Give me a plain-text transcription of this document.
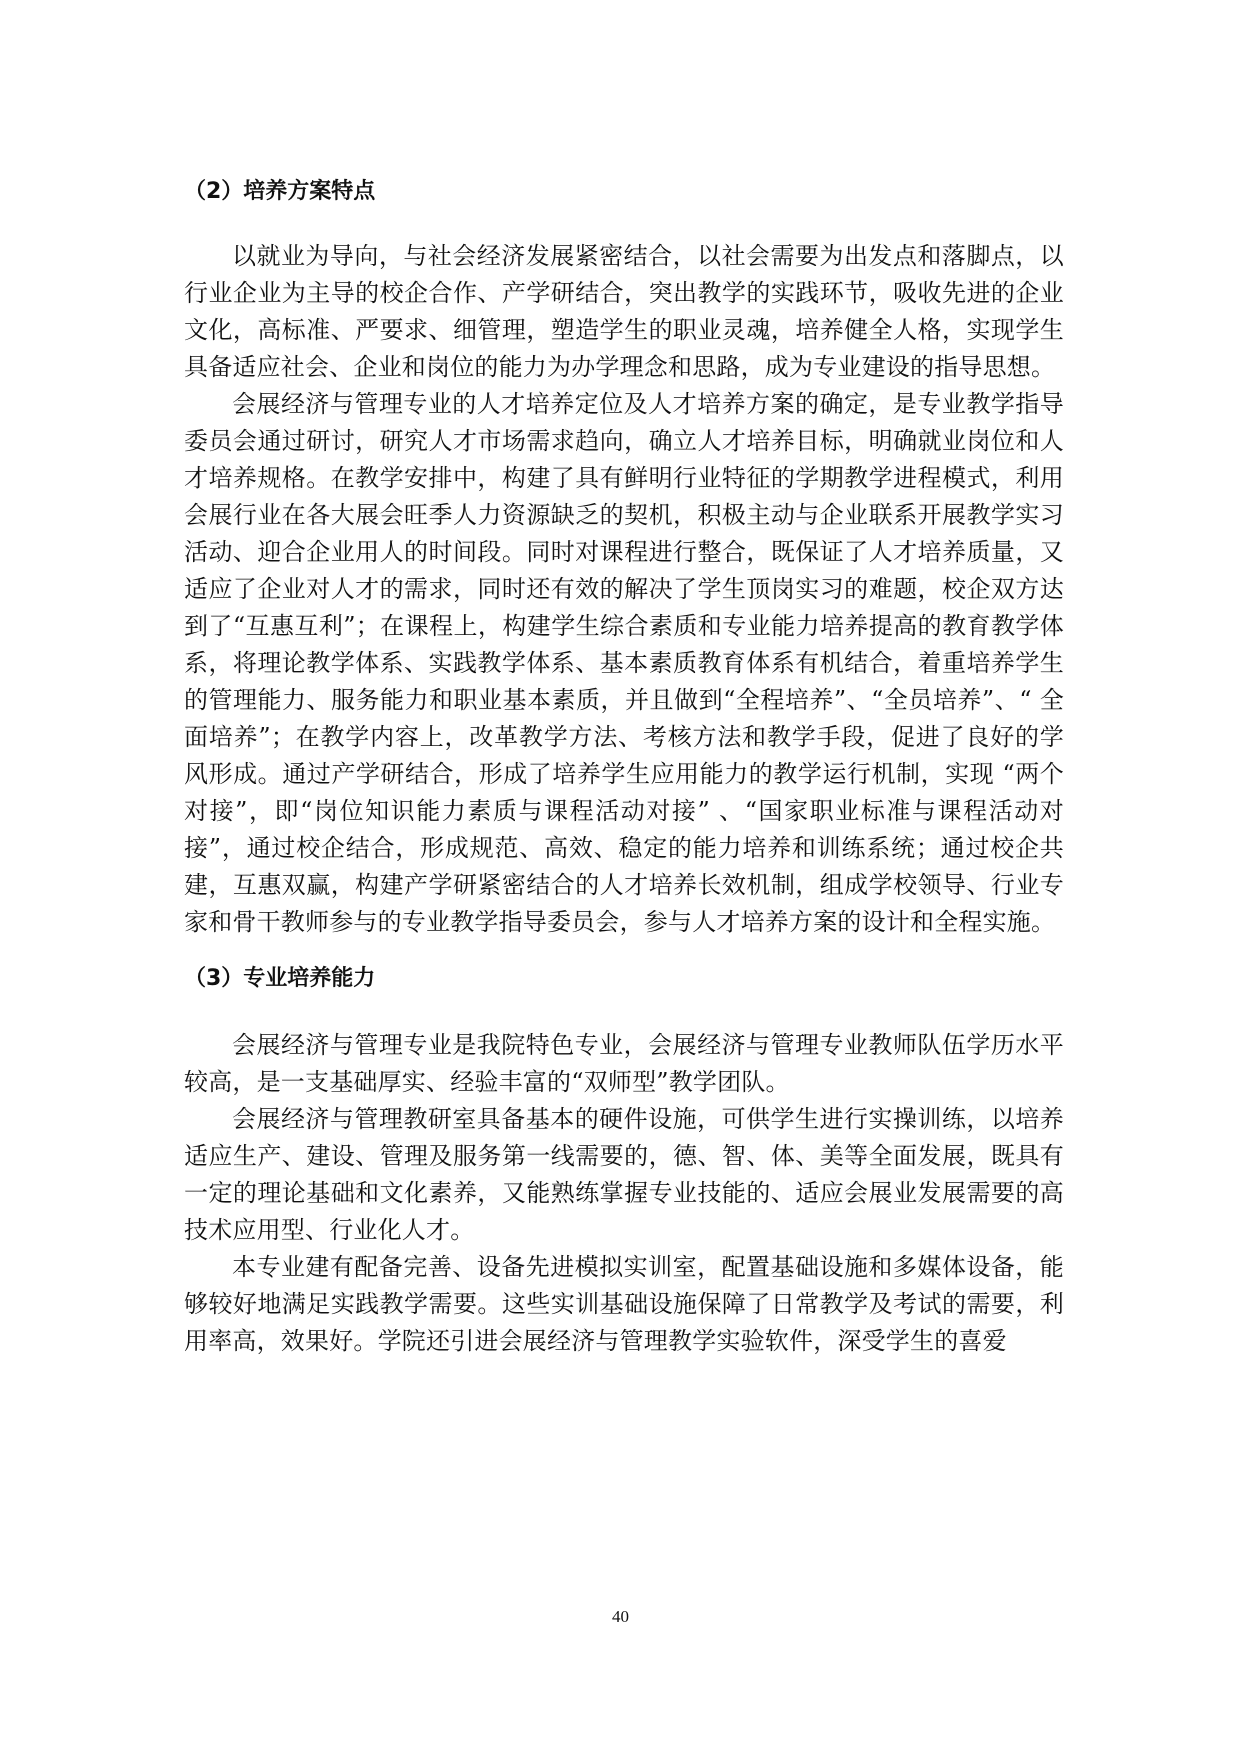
（2）培养方案特点

以就业为导向，与社会经济发展紧密结合，以社会需要为出发点和落脚点，以行业企业为主导的校企合作、产学研结合，突出教学的实践环节，吸收先进的企业文化，高标准、严要求、细管理，塑造学生的职业灵魂，培养健全人格，实现学生具备适应社会、企业和岗位的能力为办学理念和思路，成为专业建设的指导思想。

会展经济与管理专业的人才培养定位及人才培养方案的确定，是专业教学指导委员会通过研讨，研究人才市场需求趋向，确立人才培养目标，明确就业岗位和人才培养规格。在教学安排中，构建了具有鲜明行业特征的学期教学进程模式，利用会展行业在各大展会旺季人力资源缺乏的契机，积极主动与企业联系开展教学实习活动、迎合企业用人的时间段。同时对课程进行整合，既保证了人才培养质量，又适应了企业对人才的需求，同时还有效的解决了学生顶岗实习的难题，校企双方达到了“互惠互利”；在课程上，构建学生综合素质和专业能力培养提高的教育教学体系，将理论教学体系、实践教学体系、基本素质教育体系有机结合，着重培养学生的管理能力、服务能力和职业基本素质，并且做到“全程培养”、“全员培养”、“ 全面培养”；在教学内容上，改革教学方法、考核方法和教学手段，促进了良好的学风形成。通过产学研结合，形成了培养学生应用能力的教学运行机制，实现 “两个对接”，即“岗位知识能力素质与课程活动对接” 、“国家职业标准与课程活动对接”，通过校企结合，形成规范、高效、稳定的能力培养和训练系统；通过校企共建，互惠双赢，构建产学研紧密结合的人才培养长效机制，组成学校领导、行业专家和骨干教师参与的专业教学指导委员会，参与人才培养方案的设计和全程实施。

（3）专业培养能力

会展经济与管理专业是我院特色专业，会展经济与管理专业教师队伍学历水平较高，是一支基础厚实、经验丰富的“双师型”教学团队。

会展经济与管理教研室具备基本的硬件设施，可供学生进行实操训练，以培养适应生产、建设、管理及服务第一线需要的，德、智、体、美等全面发展，既具有一定的理论基础和文化素养，又能熟练掌握专业技能的、适应会展业发展需要的高技术应用型、行业化人才。

本专业建有配备完善、设备先进模拟实训室，配置基础设施和多媒体设备，能够较好地满足实践教学需要。这些实训基础设施保障了日常教学及考试的需要，利用率高，效果好。学院还引进会展经济与管理教学实验软件，深受学生的喜爱

40
